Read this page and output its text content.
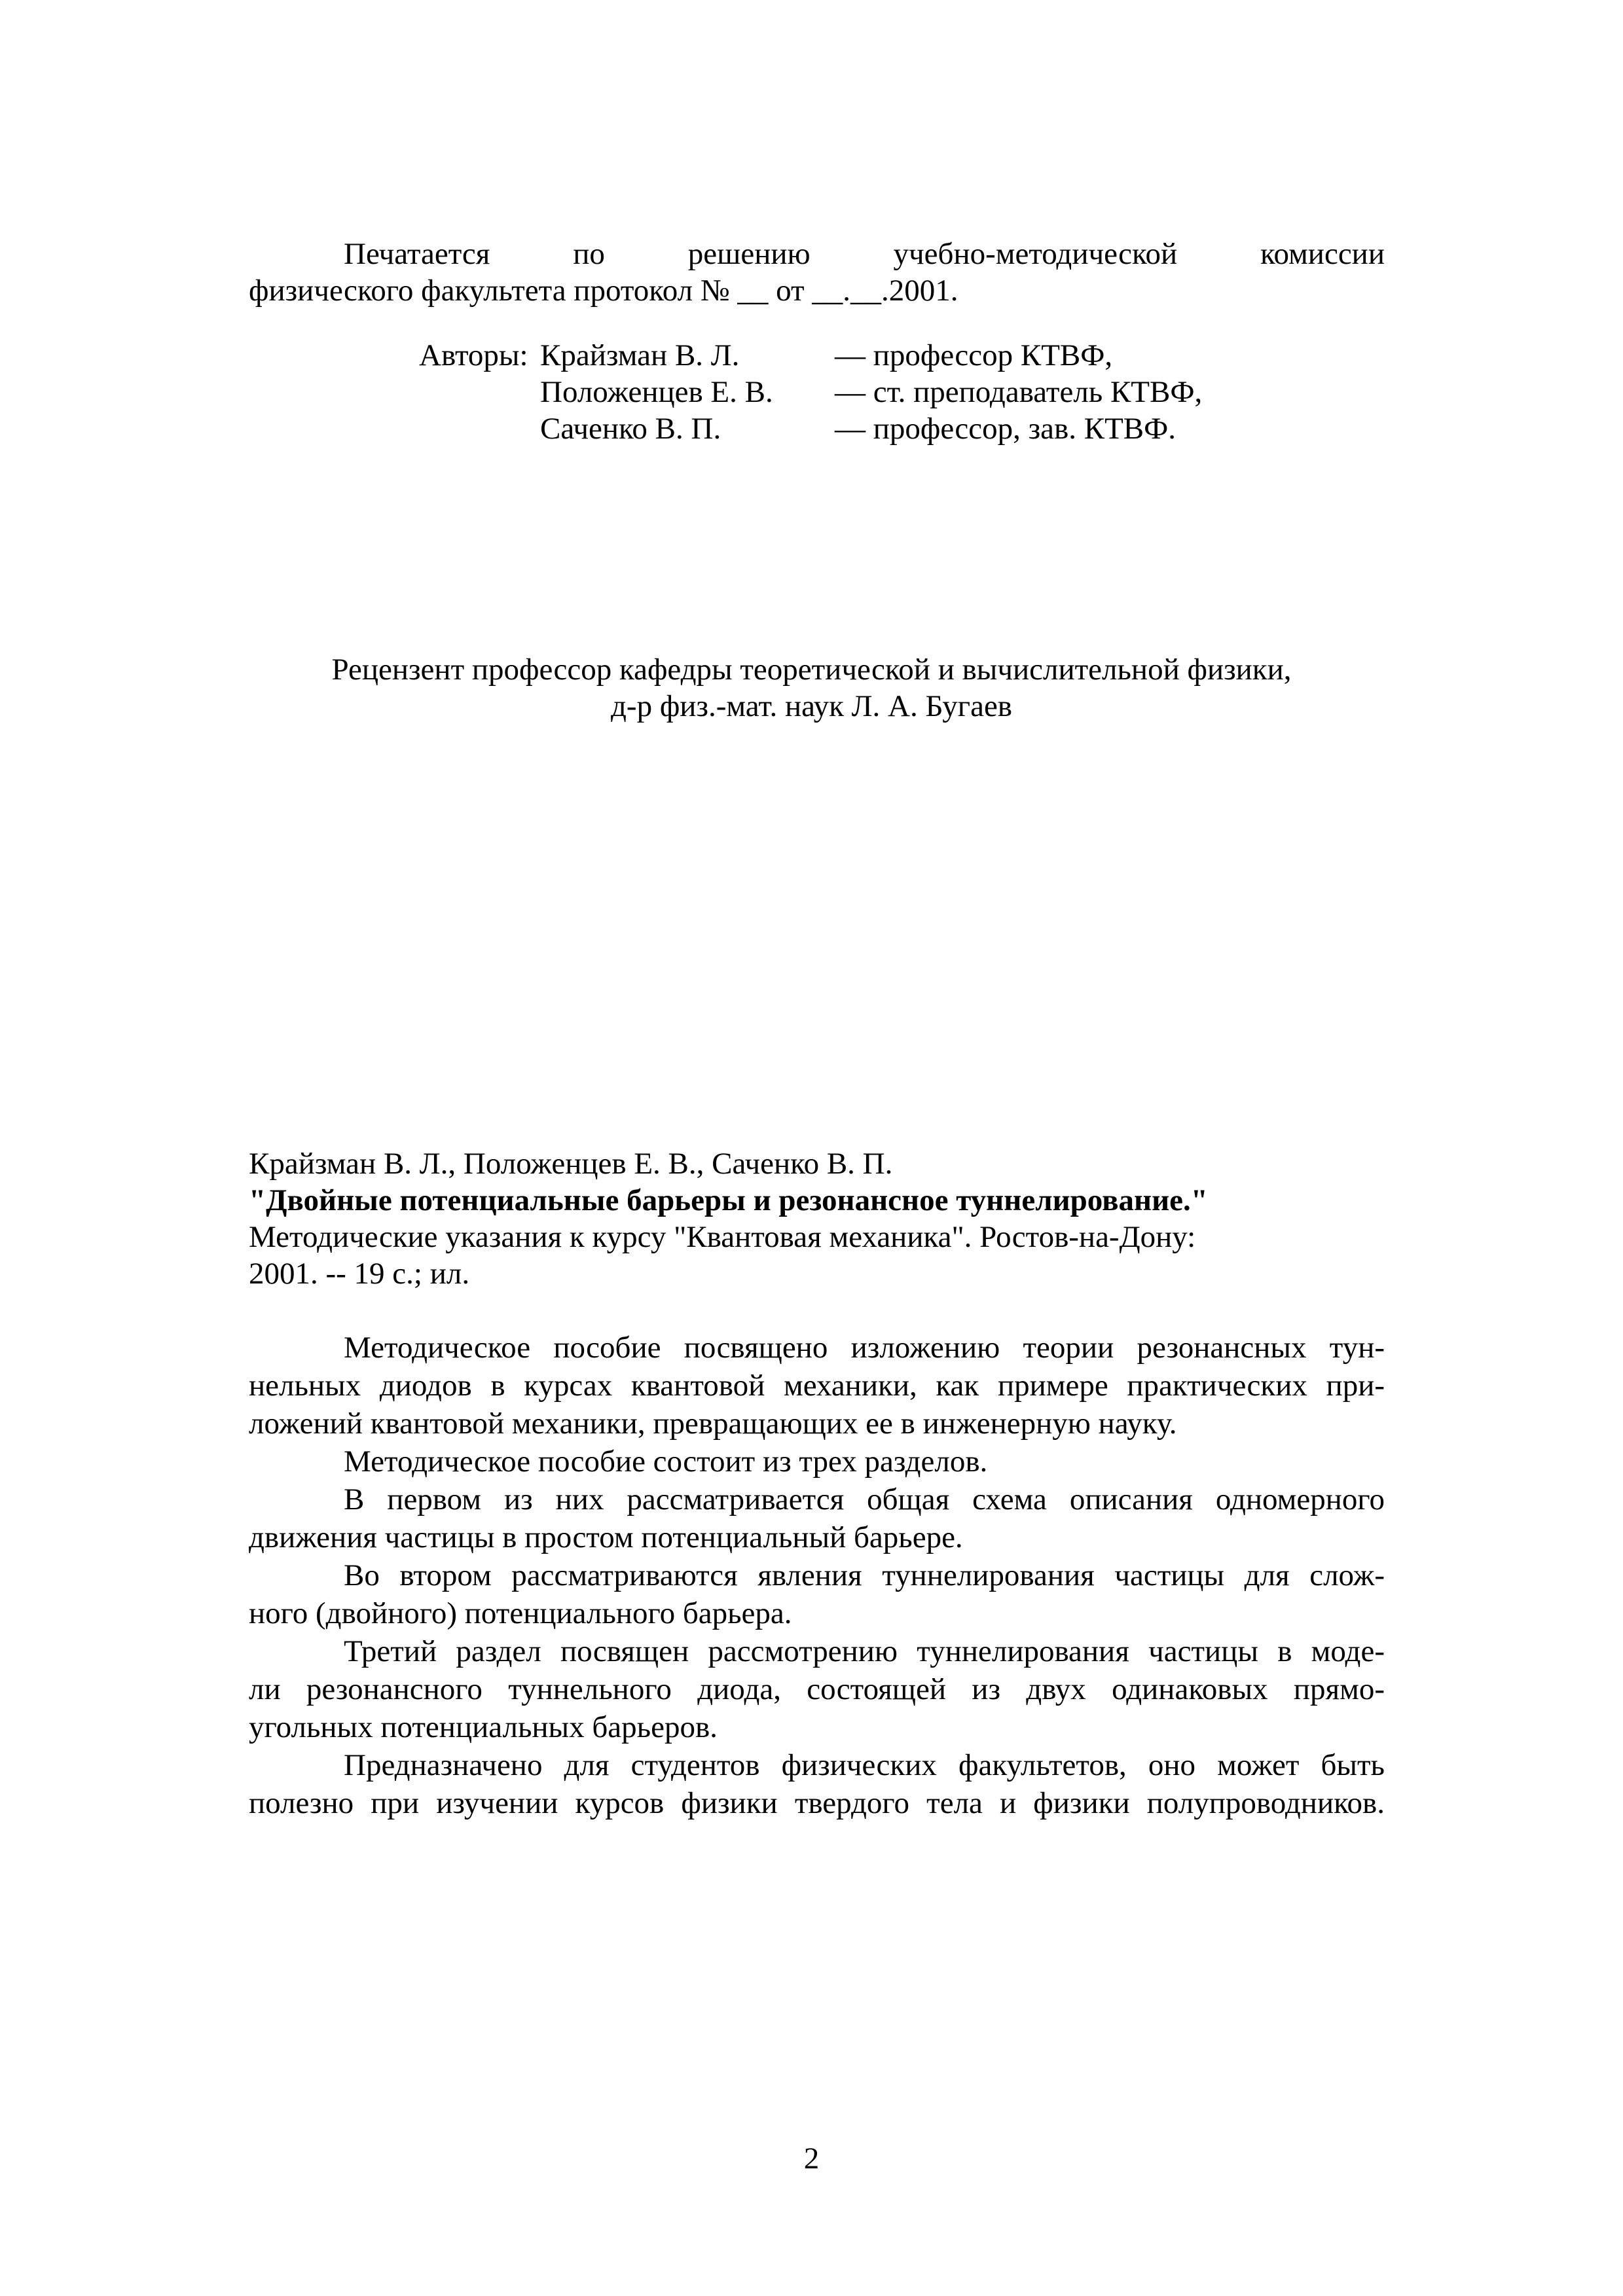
Печатается по решению учебно-методической комиссии
физического факультета протокол № __ от __.__.2001.
Авторы: Крайзман В. Л.	— профессор КТВФ,
Положенцев Е. В. — ст. преподаватель КТВФ,
Саченко В. П.	— профессор, зав. КТВФ.
Рецензент профессор кафедры теоретической и вычислительной физики,
д-р физ.-мат. наук Л. А. Бугаев
Крайзман В. Л., Положенцев Е. В., Саченко В. П.
"Двойные потенциальные барьеры и резонансное туннелирование."
Методические указания к курсу "Квантовая механика". Ростов-на-Дону:
2001. -- 19 с.; ил.
Методическое пособие посвящено изложению теории резонансных тун-
нельных диодов в курсах квантовой механики, как примере практических при-
ложений квантовой механики, превращающих ее в инженерную науку.
Методическое пособие состоит из трех разделов.
В первом из них рассматривается общая схема описания одномерного
движения частицы в простом потенциальный барьере.
Во втором рассматриваются явления туннелирования частицы для слож-
ного (двойного) потенциального барьера.
Третий раздел посвящен рассмотрению туннелирования частицы в моде-
ли резонансного туннельного диода, состоящей из двух одинаковых прямо-
угольных потенциальных барьеров.
Предназначено для студентов физических факультетов, оно может быть
полезно при изучении курсов физики твердого тела и физики полупроводников.
2
